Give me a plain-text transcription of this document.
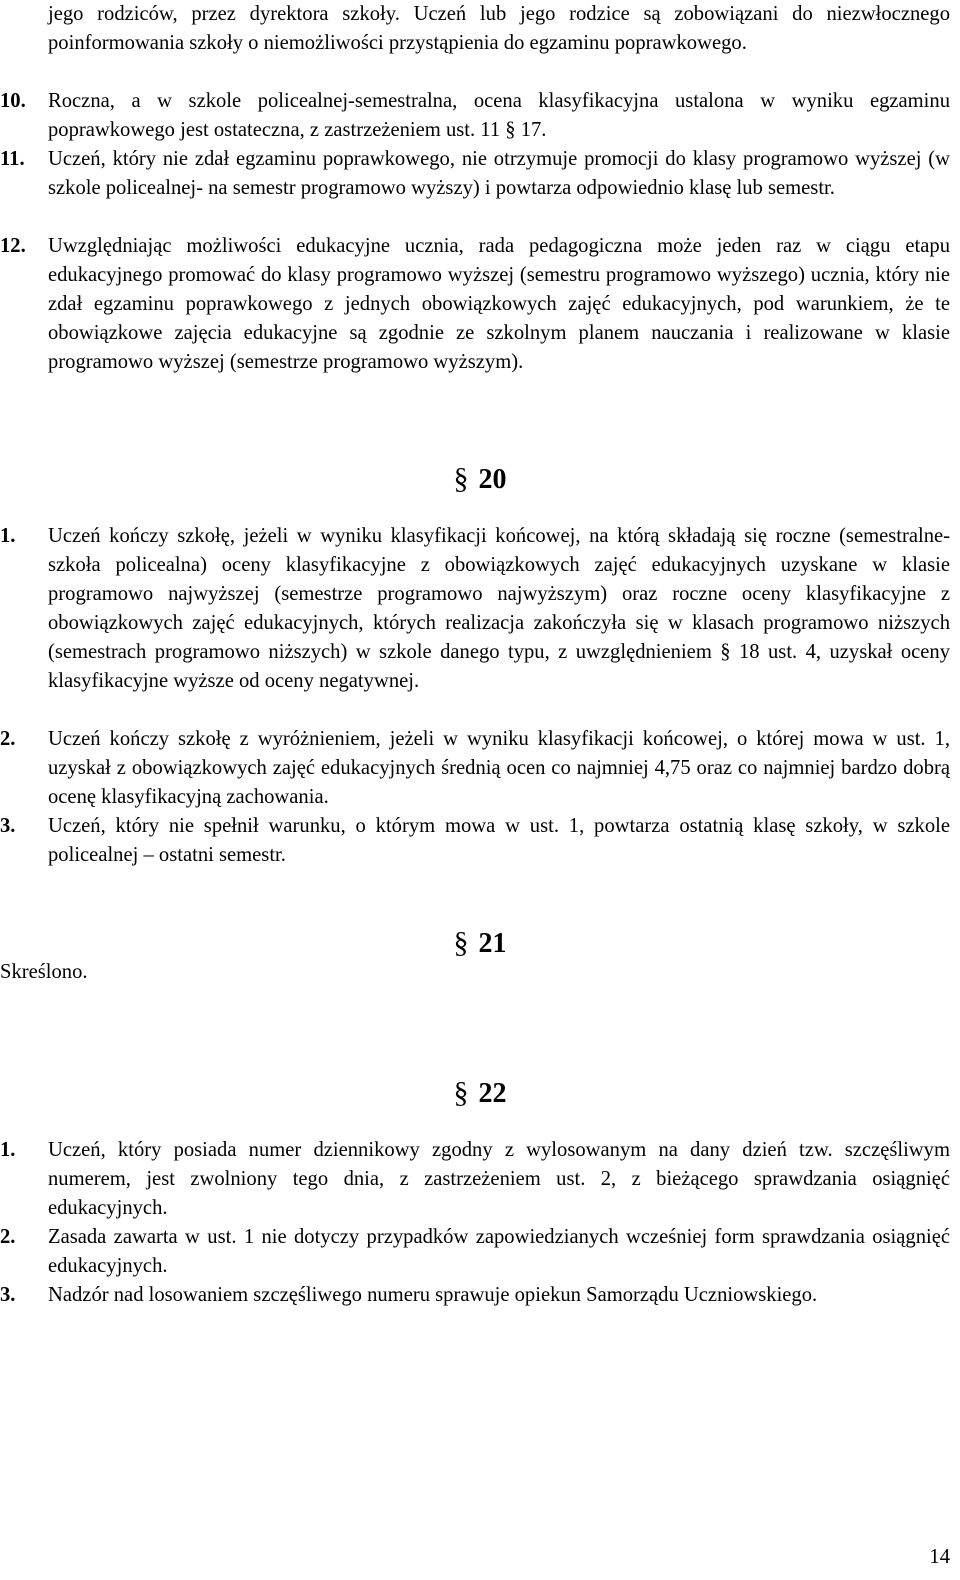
jego rodziców, przez dyrektora szkoły. Uczeń lub jego rodzice są zobowiązani do niezwłocznego poinformowania szkoły o niemożliwości przystąpienia do egzaminu poprawkowego.
10. Roczna, a w szkole policealnej-semestralna, ocena klasyfikacyjna ustalona w wyniku egzaminu poprawkowego jest ostateczna, z zastrzeżeniem ust. 11 § 17.
11. Uczeń, który nie zdał egzaminu poprawkowego, nie otrzymuje promocji do klasy programowo wyższej (w szkole policealnej- na semestr programowo wyższy) i powtarza odpowiednio klasę lub semestr.
12. Uwzględniając możliwości edukacyjne ucznia, rada pedagogiczna może jeden raz w ciągu etapu edukacyjnego promować do klasy programowo wyższej (semestru programowo wyższego) ucznia, który nie zdał egzaminu poprawkowego z jednych obowiązkowych zajęć edukacyjnych, pod warunkiem, że te obowiązkowe zajęcia edukacyjne są zgodnie ze szkolnym planem nauczania i realizowane w klasie programowo wyższej (semestrze programowo wyższym).
§ 20
1. Uczeń kończy szkołę, jeżeli w wyniku klasyfikacji końcowej, na którą składają się roczne (semestralne-szkoła policealna) oceny klasyfikacyjne z obowiązkowych zajęć edukacyjnych uzyskane w klasie programowo najwyższej (semestrze programowo najwyższym) oraz roczne oceny klasyfikacyjne z obowiązkowych zajęć edukacyjnych, których realizacja zakończyła się w klasach programowo niższych (semestrach programowo niższych) w szkole danego typu, z uwzględnieniem § 18 ust. 4, uzyskał oceny klasyfikacyjne wyższe od oceny negatywnej.
2. Uczeń kończy szkołę z wyróżnieniem, jeżeli w wyniku klasyfikacji końcowej, o której mowa w ust. 1, uzyskał z obowiązkowych zajęć edukacyjnych średnią ocen co najmniej 4,75 oraz co najmniej bardzo dobrą ocenę klasyfikacyjną zachowania.
3. Uczeń, który nie spełnił warunku, o którym mowa w ust. 1, powtarza ostatnią klasę szkoły, w szkole policealnej – ostatni semestr.
§ 21
Skreślono.
§ 22
1. Uczeń, który posiada numer dziennikowy zgodny z wylosowanym na dany dzień tzw. szczęśliwym numerem, jest zwolniony tego dnia, z zastrzeżeniem ust. 2, z bieżącego sprawdzania osiągnięć edukacyjnych.
2. Zasada zawarta w ust. 1 nie dotyczy przypadków zapowiedzianych wcześniej form sprawdzania osiągnięć edukacyjnych.
3. Nadzór nad losowaniem szczęśliwego numeru sprawuje opiekun Samorządu Uczniowskiego.
14
